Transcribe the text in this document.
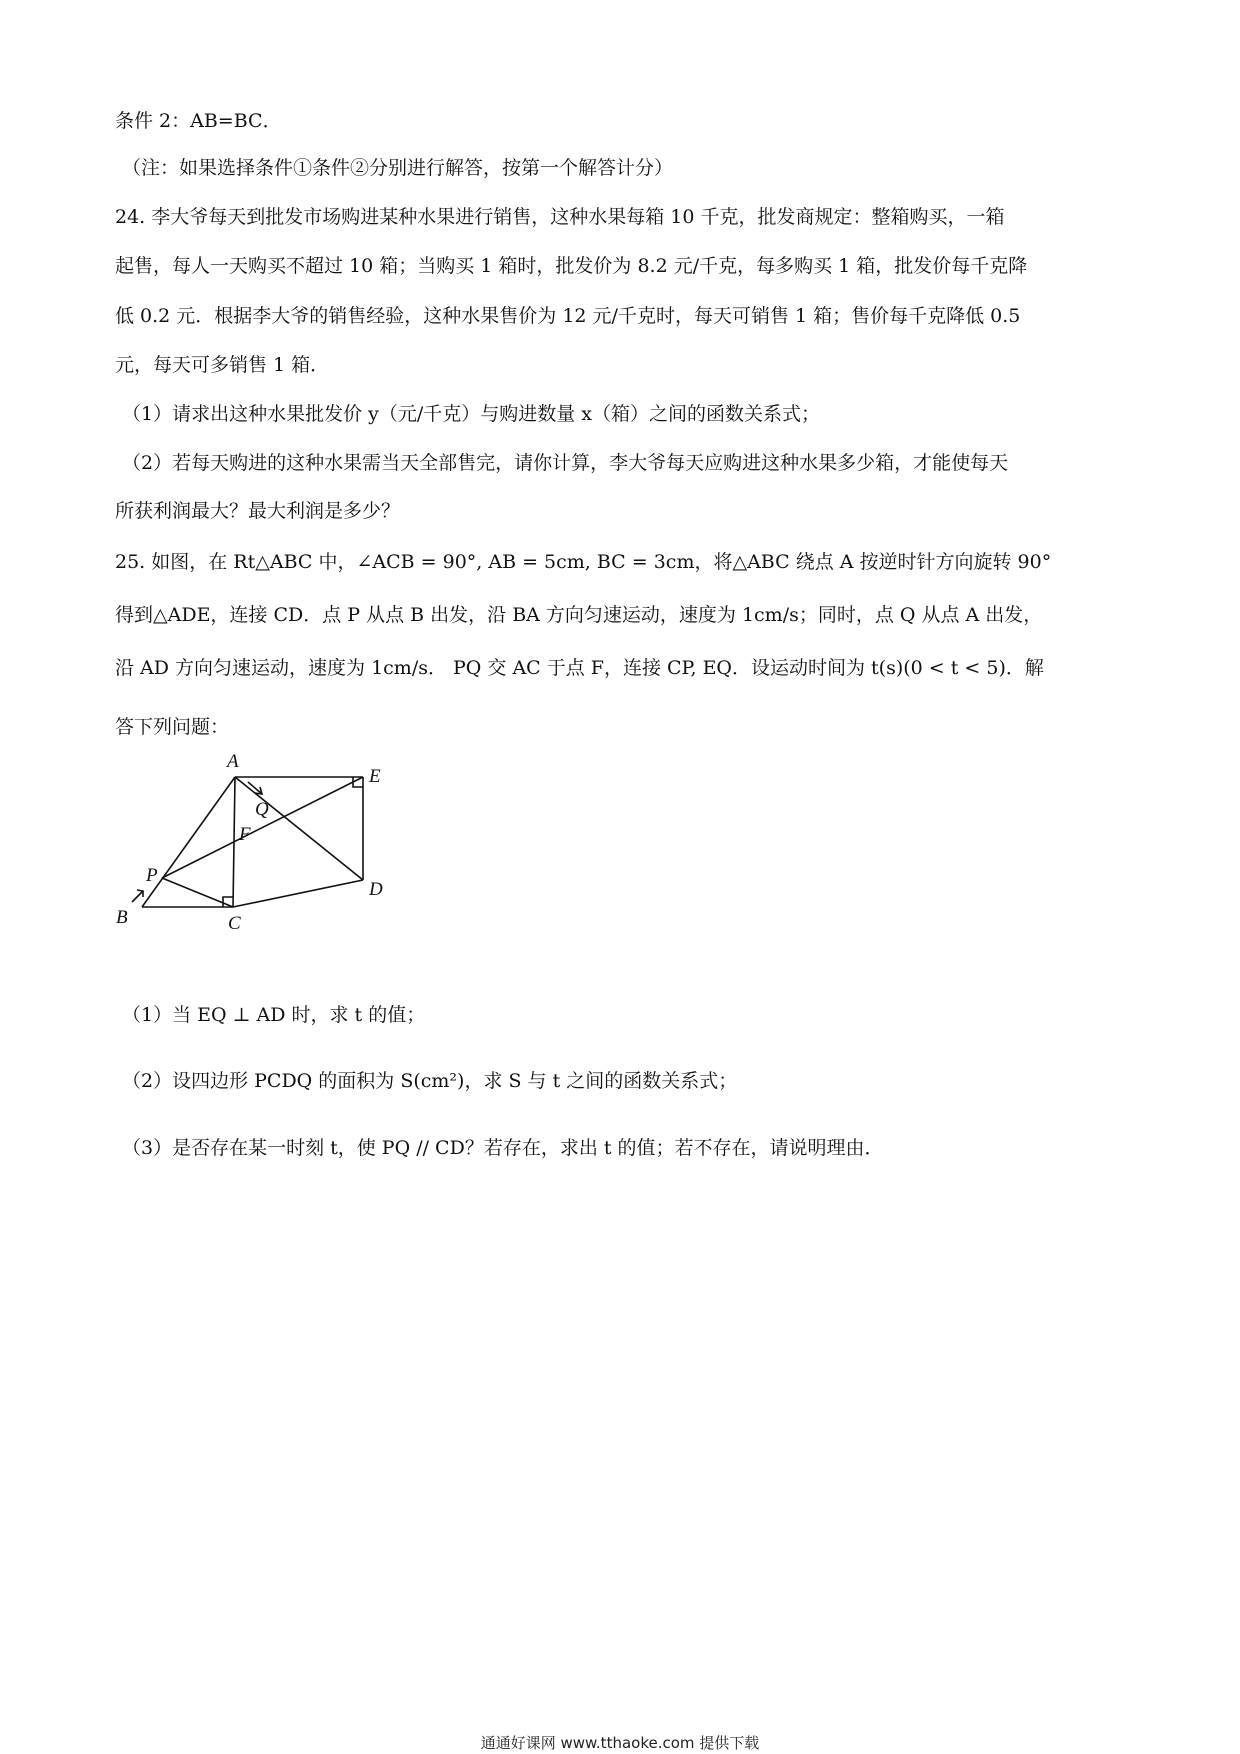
条件 2：AB=BC．
（注：如果选择条件①条件②分别进行解答，按第一个解答计分）
24. 李大爷每天到批发市场购进某种水果进行销售，这种水果每箱 10 千克，批发商规定：整箱购买，一箱
起售，每人一天购买不超过 10 箱；当购买 1 箱时，批发价为 8.2 元/千克，每多购买 1 箱，批发价每千克降
低 0.2 元．根据李大爷的销售经验，这种水果售价为 12 元/千克时，每天可销售 1 箱；售价每千克降低 0.5
元，每天可多销售 1 箱．
（1）请求出这种水果批发价 y（元/千克）与购进数量 x（箱）之间的函数关系式；
（2）若每天购进的这种水果需当天全部售完，请你计算，李大爷每天应购进这种水果多少箱，才能使每天
所获利润最大？最大利润是多少？
25. 如图，在 Rt△ABC 中，∠ACB = 90°, AB = 5cm, BC = 3cm，将△ABC 绕点 A 按逆时针方向旋转 90°
得到△ADE，连接 CD．点 P 从点 B 出发，沿 BA 方向匀速运动，速度为 1cm/s；同时，点 Q 从点 A 出发，
沿 AD 方向匀速运动，速度为 1cm/s． PQ 交 AC 于点 F，连接 CP, EQ．设运动时间为 t(s)(0 < t < 5)．解
答下列问题：
A
E
Q
F
D
P
B	C
（1）当 EQ ⊥ AD 时，求 t 的值；
（2）设四边形 PCDQ 的面积为 S(cm²)，求 S 与 t 之间的函数关系式；
（3）是否存在某一时刻 t，使 PQ // CD？若存在，求出 t 的值；若不存在，请说明理由．
通通好课网 www.tthaoke.com 提供下载
